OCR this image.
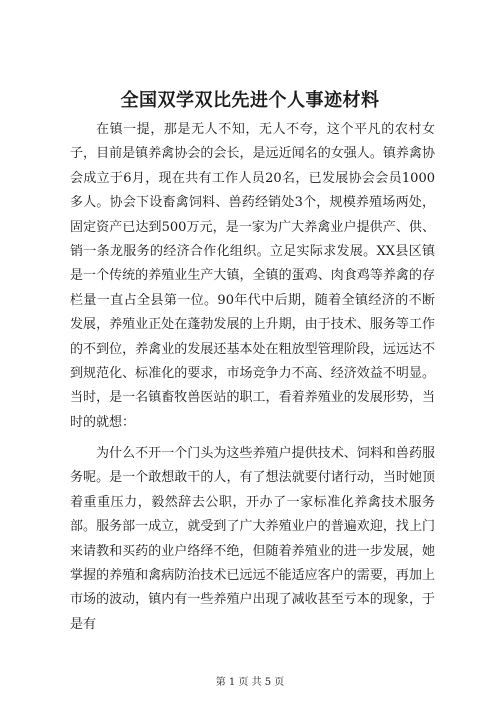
全国双学双比先进个人事迹材料

在镇一提，那是无人不知，无人不夸，这个平凡的农村女子，目前是镇养禽协会的会长，是远近闻名的女强人。镇养禽协会成立于6月，现在共有工作人员20名，已发展协会会员1000多人。协会下设畜禽饲料、兽药经销处3个，规模养殖场两处，固定资产已达到500万元，是一家为广大养禽业户提供产、供、销一条龙服务的经济合作化组织。立足实际求发展。XX县区镇是一个传统的养殖业生产大镇，全镇的蛋鸡、肉食鸡等养禽的存栏量一直占全县第一位。90年代中后期，随着全镇经济的不断发展，养殖业正处在蓬勃发展的上升期，由于技术、服务等工作的不到位，养禽业的发展还基本处在粗放型管理阶段，远远达不到规范化、标准化的要求，市场竞争力不高、经济效益不明显。当时，是一名镇畜牧兽医站的职工，看着养殖业的发展形势，当时的就想：

为什么不开一个门头为这些养殖户提供技术、饲料和兽药服务呢。是一个敢想敢干的人，有了想法就要付诸行动，当时她顶着重重压力，毅然辞去公职，开办了一家标准化养禽技术服务部。服务部一成立，就受到了广大养殖业户的普遍欢迎，找上门来请教和买药的业户络绎不绝，但随着养殖业的进一步发展，她掌握的养殖和禽病防治技术已远远不能适应客户的需要，再加上市场的波动，镇内有一些养殖户出现了减收甚至亏本的现象，于是有

第 1 页 共 5 页
